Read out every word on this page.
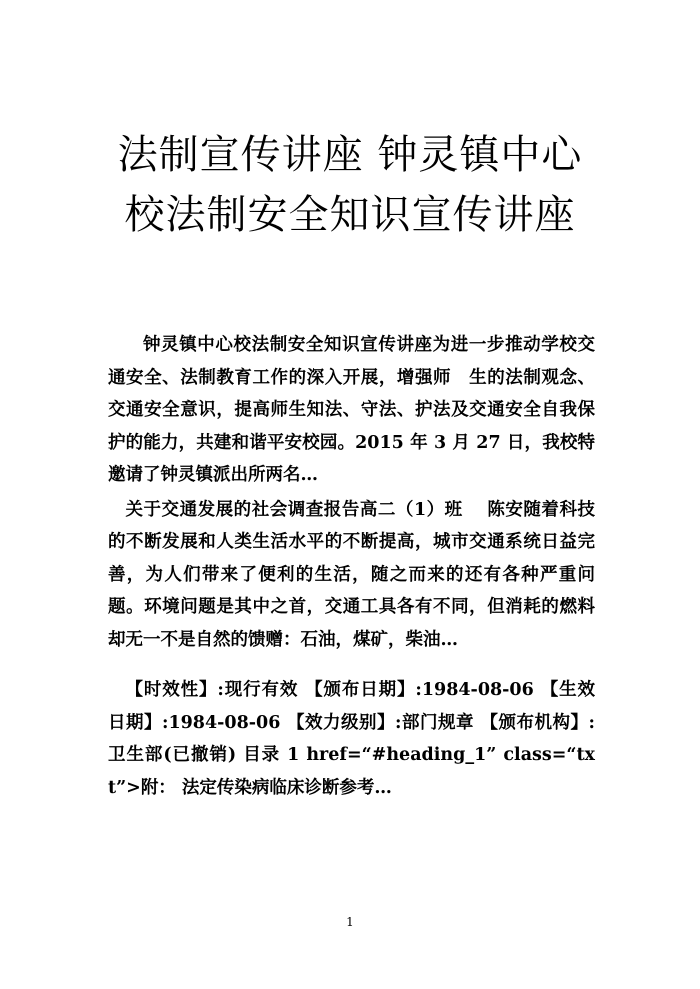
法制宣传讲座 钟灵镇中心
校法制安全知识宣传讲座

钟灵镇中心校法制安全知识宣传讲座为进一步推动学校交通安全、法制教育工作的深入开展，增强师　生的法制观念、交通安全意识，提高师生知法、守法、护法及交通安全自我保护的能力，共建和谐平安校园。2015 年 3 月 27 日，我校特 邀请了钟灵镇派出所两名…

关于交通发展的社会调查报告高二（1）班　 陈安随着科技的不断发展和人类生活水平的不断提高，城市交通系统日益完善，为人们带来了便利的生活，随之而来的还有各种严重问题。环境问题是其中之首，交通工具各有不同，但消耗的燃料却无一不是自然的馈赠：石油，煤矿，柴油…

【时效性】:现行有效 【颁布日期】:1984-08-06 【生效日期】:1984-08-06 【效力级别】:部门规章 【颁布机构】:卫生部(已撤销) 目录 1 href=“#heading_1” class=“txt”>附： 法定传染病临床诊断参考…

1
